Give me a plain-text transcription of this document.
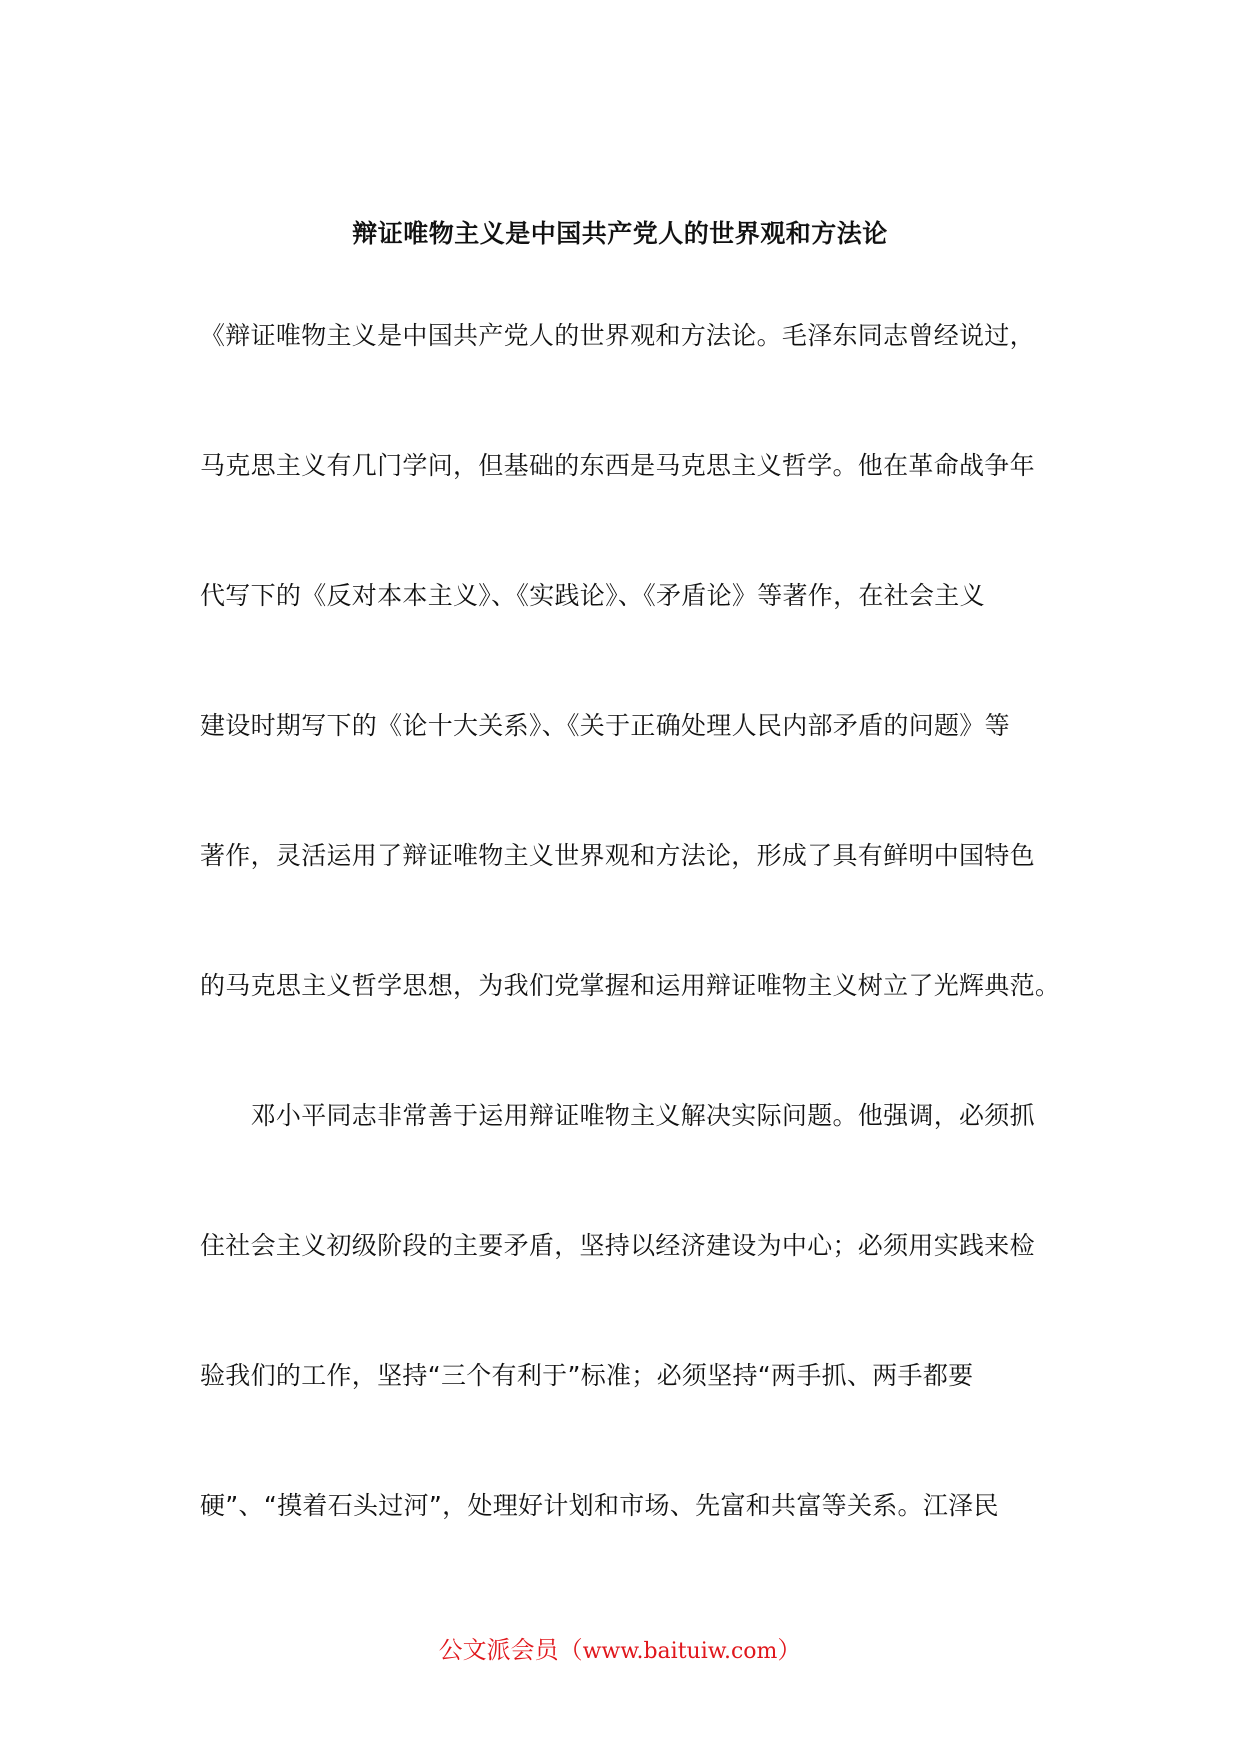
辩证唯物主义是中国共产党人的世界观和方法论
《辩证唯物主义是中国共产党人的世界观和方法论。毛泽东同志曾经说过，
马克思主义有几门学问，但基础的东西是马克思主义哲学。他在革命战争年
代写下的《反对本本主义》、《实践论》、《矛盾论》等著作，在社会主义
建设时期写下的《论十大关系》、《关于正确处理人民内部矛盾的问题》等
著作，灵活运用了辩证唯物主义世界观和方法论，形成了具有鲜明中国特色
的马克思主义哲学思想，为我们党掌握和运用辩证唯物主义树立了光辉典范。
　　邓小平同志非常善于运用辩证唯物主义解决实际问题。他强调，必须抓
住社会主义初级阶段的主要矛盾，坚持以经济建设为中心；必须用实践来检
验我们的工作，坚持“三个有利于”标准；必须坚持“两手抓、两手都要
硬”、“摸着石头过河”，处理好计划和市场、先富和共富等关系。江泽民
公文派会员（www.baituiw.com）
